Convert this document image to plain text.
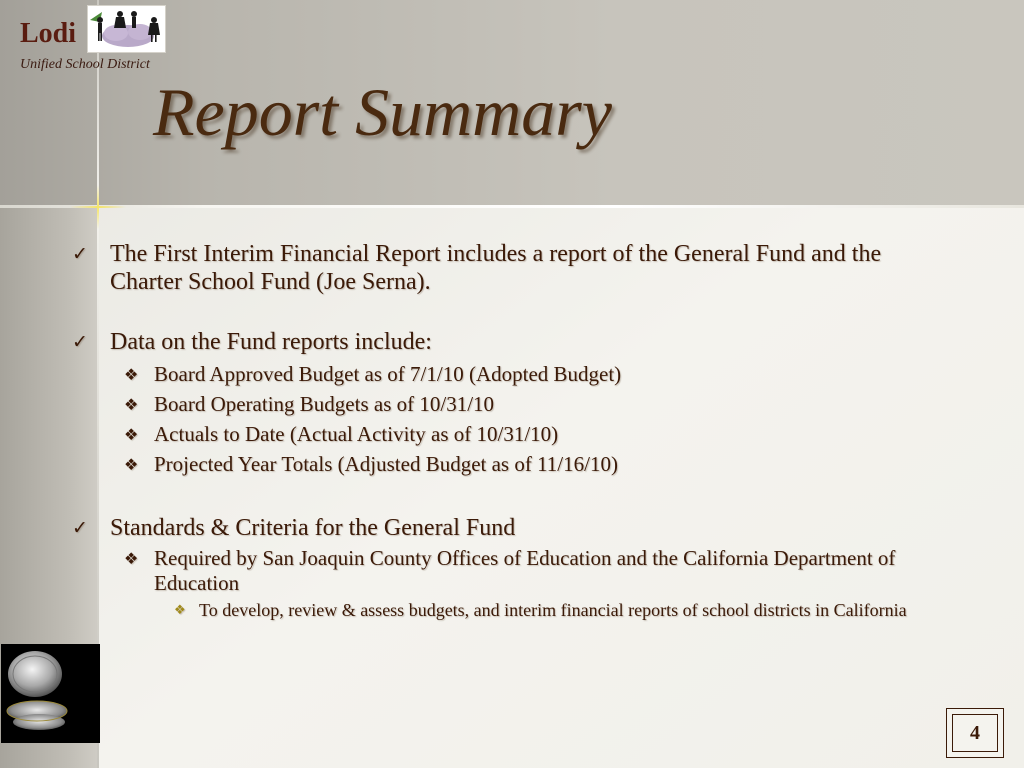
Lodi
Unified School District
Report Summary
✓ The First Interim Financial Report includes a report of the General Fund and the Charter School Fund (Joe Serna).
✓ Data on the Fund reports include:
❖ Board Approved Budget as of 7/1/10 (Adopted Budget)
❖ Board Operating Budgets as of 10/31/10
❖ Actuals to Date (Actual Activity as of 10/31/10)
❖ Projected Year Totals (Adjusted Budget as of 11/16/10)
✓ Standards & Criteria for the General Fund
❖ Required by San Joaquin County Offices of Education and the California Department of Education
❖ To develop, review & assess budgets, and interim financial reports of school districts in California
4
